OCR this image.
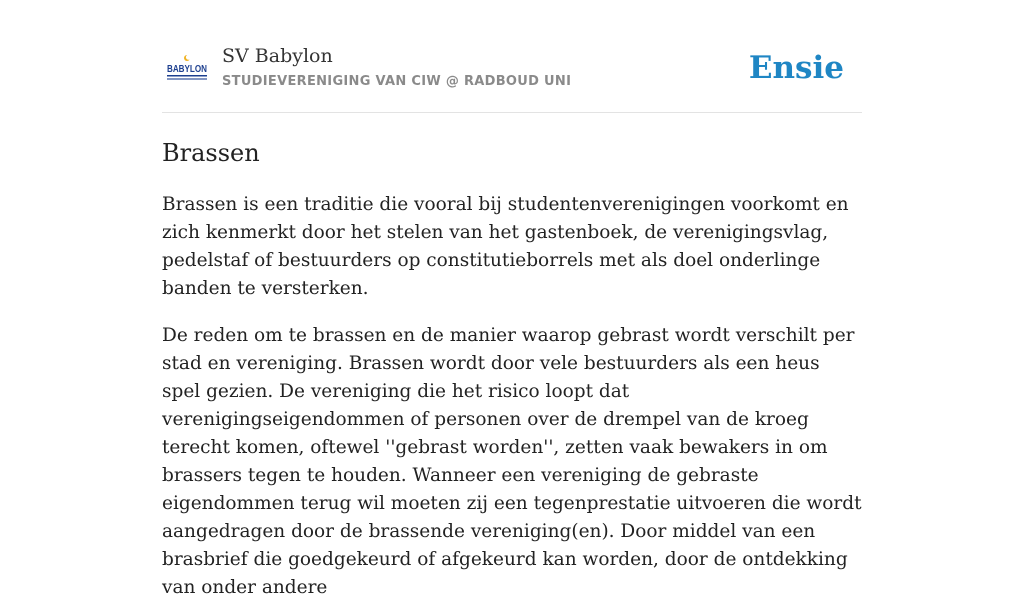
BABYLON
SV Babylon
STUDIEVERENIGING VAN CIW @ RADBOUD UNI	Ensie
Brassen

Brassen is een traditie die vooral bij studentenverenigingen voorkomt en zich kenmerkt door het stelen van het gastenboek, de verenigingsvlag, pedelstaf of bestuurders op constitutieborrels met als doel onderlinge banden te versterken.

De reden om te brassen en de manier waarop gebrast wordt verschilt per stad en vereniging. Brassen wordt door vele bestuurders als een heus spel gezien. De vereniging die het risico loopt dat verenigingseigendommen of personen over de drempel van de kroeg terecht komen, oftewel ''gebrast worden'', zetten vaak bewakers in om brassers tegen te houden. Wanneer een vereniging de gebraste eigendommen terug wil moeten zij een tegenprestatie uitvoeren die wordt aangedragen door de brassende vereniging(en). Door middel van een brasbrief die goedgekeurd of afgekeurd kan worden, door de ontdekking van onder andere
